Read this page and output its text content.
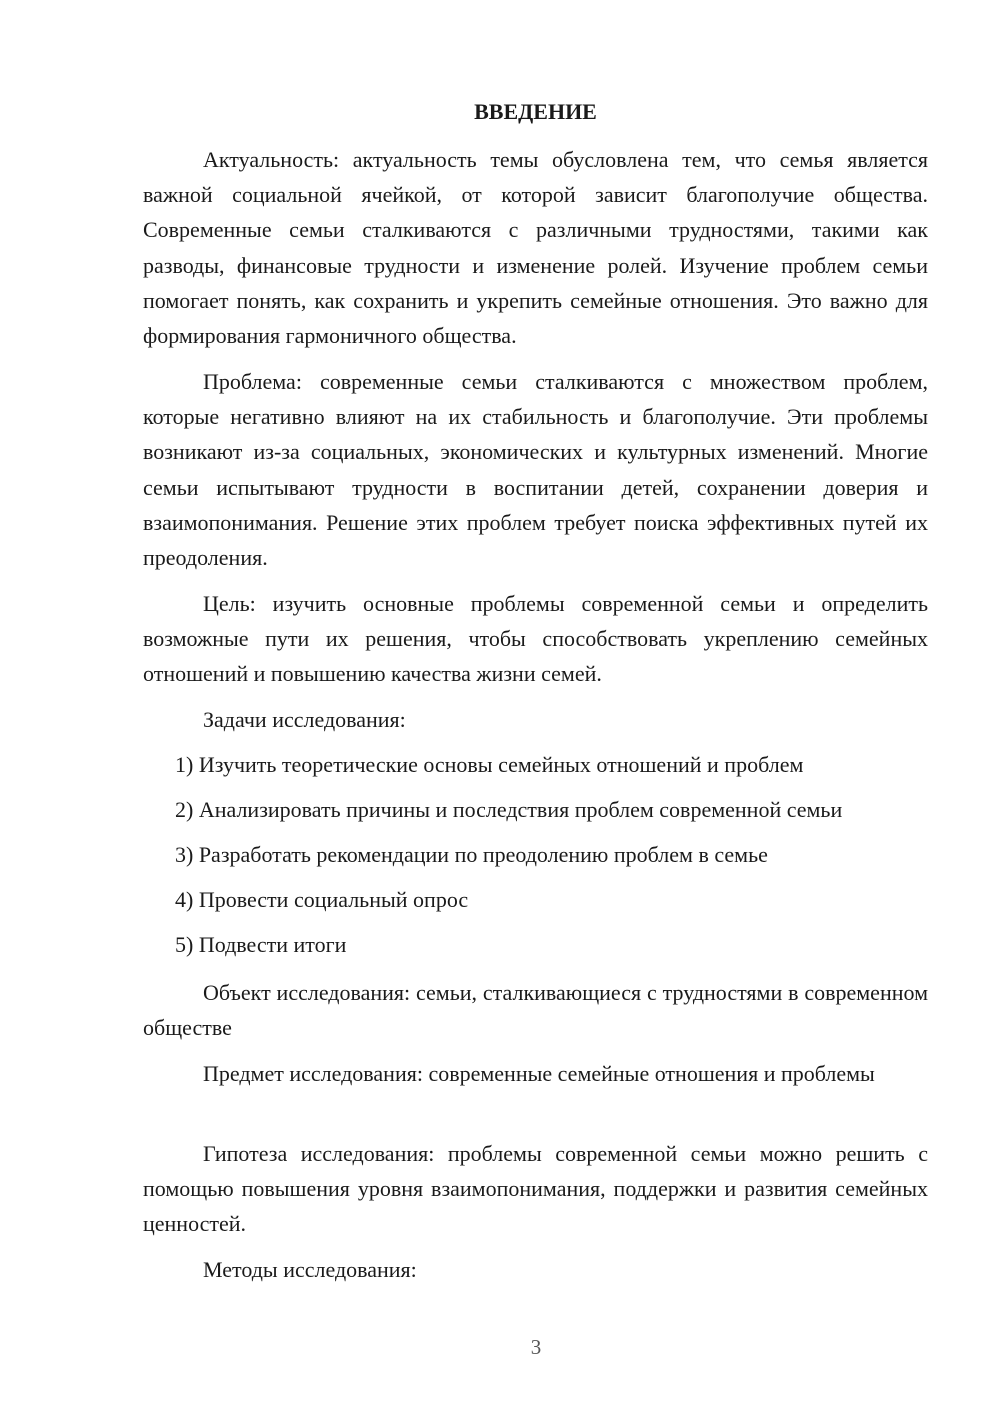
ВВЕДЕНИЕ

Актуальность: актуальность темы обусловлена тем, что семья является важной социальной ячейкой, от которой зависит благополучие общества. Современные семьи сталкиваются с различными трудностями, такими как разводы, финансовые трудности и изменение ролей. Изучение проблем семьи помогает понять, как сохранить и укрепить семейные отношения. Это важно для формирования гармоничного общества.

Проблема: современные семьи сталкиваются с множеством проблем, которые негативно влияют на их стабильность и благополучие. Эти проблемы возникают из-за социальных, экономических и культурных изменений. Многие семьи испытывают трудности в воспитании детей, сохранении доверия и взаимопонимания. Решение этих проблем требует поиска эффективных путей их преодоления.

Цель: изучить основные проблемы современной семьи и определить возможные пути их решения, чтобы способствовать укреплению семейных отношений и повышению качества жизни семей.

Задачи исследования:

1) Изучить теоретические основы семейных отношений и проблем
2) Анализировать причины и последствия проблем современной семьи
3) Разработать рекомендации по преодолению проблем в семье
4) Провести социальный опрос
5) Подвести итоги

Объект исследования: семьи, сталкивающиеся с трудностями в современном обществе

Предмет исследования: современные семейные отношения и проблемы

Гипотеза исследования: проблемы современной семьи можно решить с помощью повышения уровня взаимопонимания, поддержки и развития семейных ценностей.

Методы исследования:

3
